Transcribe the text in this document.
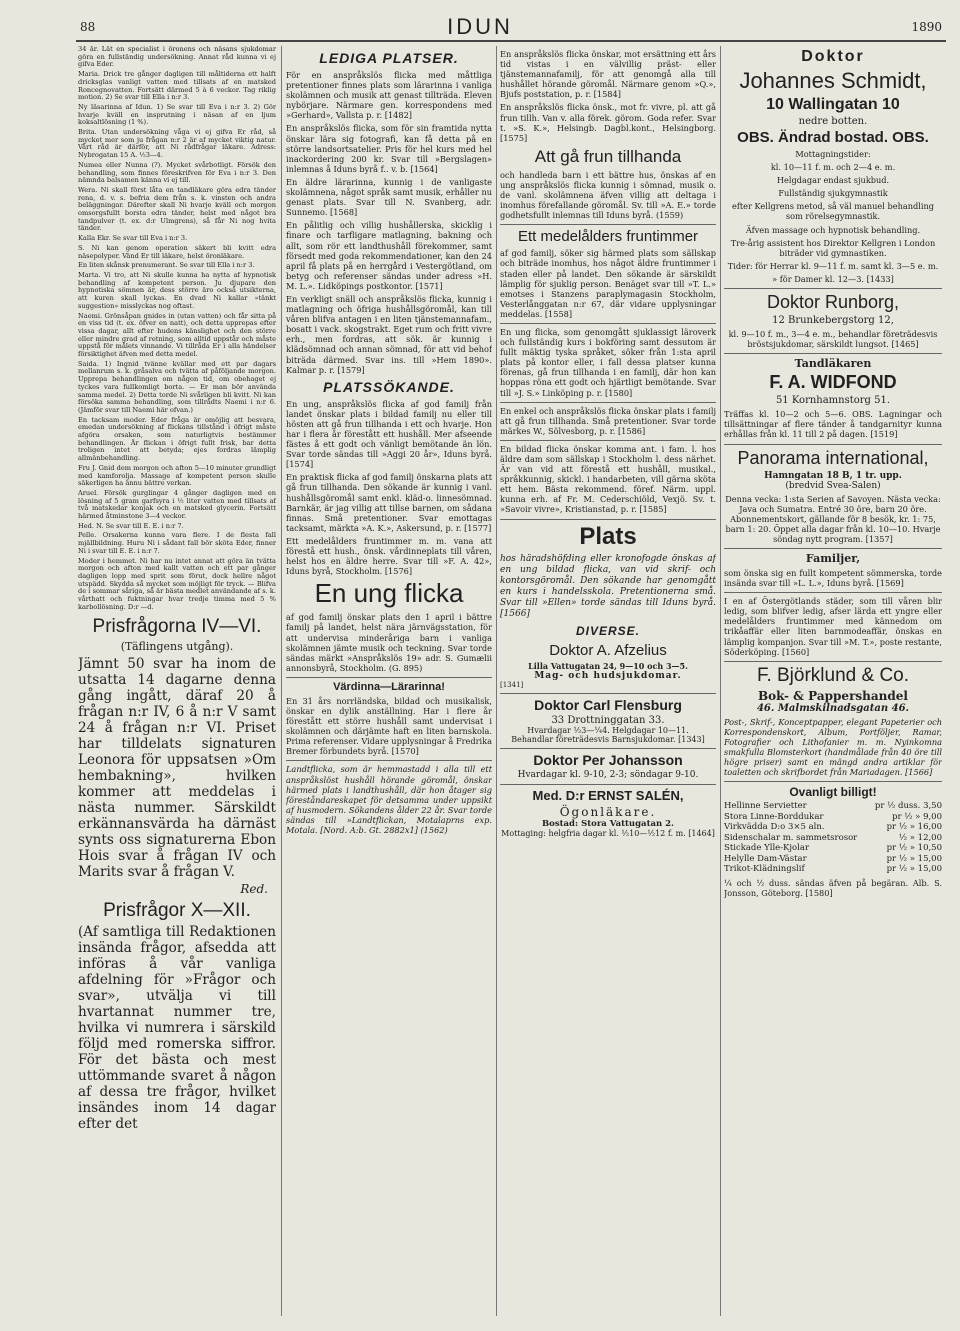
88	IDUN	1890

34 år. Låt en specialist i öronens och näsans sjukdomar göra en fullständig undersökning. Annat råd kunna vi ej gifva Eder.

Maria. Drick tre gånger dagligen till måltiderna ett halft dricksglas vanligt vatten med tillsats af en matsked Roncegnovatten. Fortsätt därmed 5 à 6 veckor. Tag riklig motion. 2) Se svar till Ella i n:r 3.

Ny läsarinna af Idun. 1) Se svar till Eva i n:r 3. 2) Gör hvarje kväll en insprutning i näsan af en ljum koksaltlösning (1 %).

Brita. Utan undersökning våga vi ej gifva Er råd, så mycket mer som ju frågan n:r 2 är af mycket viktig natur. Vårt råd är därför, att Ni rådfrågar läkare. Adress: Nybrogatan 15 A. ½3—4.

Numea eller Nunna (?). Mycket svårbotligt. Försök den behandling, som finnes föreskrifven för Eva i n:r 3. Den nämnda balsamen känna vi ej till.

Wera. Ni skall först låta en tandläkare göra edra tänder rena, d. v. s. befria dem från s. k. vinsten och andra beläggningar. Därefter skall Ni hvarje kväll och morgon omsorgsfullt borsta edra tänder, helst med något bra tandpulver (t. ex. d:r Ulmgrens), så får Ni nog hvita tänder.

Kalla Ekr. Se svar till Eva i n:r 3.

S. Ni kan genom operation säkert bli kvitt edra näsepolyper. Vänd Er till läkare, helst öronläkare.

En liten skånsk prenumerant. Se svar till Ella i n:r 3.

Marta. Vi tro, att Ni skulle kunna ha nytta af hypnotisk behandling af kompetent person. Ju djupare den hypnotiska sömnen är, dess större äro också utsikterna, att kuren skall lyckas. En dvad Ni kallar »tänkt suggestion» misslyckas nog oftast.

Naemi. Grönsåpan gnides in (utan vatten) och får sitta på en viss tid (t. ex. öfver en natt), och detta upprepas efter vissa dagar, allt efter hudens känslighet och den större eller mindre grad af retning, som alltid uppstår och måste uppstå för målets vinnande. Vi tillråda Er i alla händelser försiktighet äfven med detta medel.

Saida. 1) Ingnid tvänne kvällar med ett par dagars mellanrum s. k. gråsalva och tvätta af påföljande morgon. Upprepa behandlingen om någon tid, om obehaget ej tyckes vara fullkomligt borta. — Er man bör använda samma medel. 2) Detta torde Ni svårligen bli kvitt. Ni kan försöka samma behandling, som tillrådts Naemi i n:r 6. (Jämför svar till Naemi här ofvan.)

En tacksam moder. Eder fråga är omöjlig att besvara, emedan undersökning af flickans tillstånd i öfrigt måste afgöra orsaken, som naturligtvis bestämmer behandlingen. Är flickan i öfrigt fullt frisk, bar detta troligen intet att betyda; ejes fordras lämplig allmänbehandling.

Fru J. Gnid dem morgon och afton 5—10 minuter grundligt med kamforolja. Massage af kompetent person skulle säkerligen ha ännu bättre verkan.

Aruel. Försök gurglingar 4 gånger dagligen med en lösning af 5 gram garfsyra i ½ liter vatten med tillsats af två matskedar konjak och en matsked glycerin. Fortsätt härmed åtminstone 3—4 veckor.

Hed. N. Se svar till E. E. i n:r 7.

Pelle. Orsakerna kunna vara flere. I de flesta fall mjällbildning. Huru Ni i sådant fall bör sköta Eder, finner Ni i svar till E. E. i n:r 7.

Moder i hemmet. Ni har nu intet annat att göra än tvätta morgon och afton med kallt vatten och ett par gånger dagligen lopp med sprit som förut, dock hellre något utspädd. Skydda så mycket som möjligt för tryck. — Blifva de i sommar sårigа, så är bästa medlet användande af s. k. vårthatt och fuktningar hvar tredje timma med 5 % karbollösning. D:r —d.

Prisfrågorna IV—VI.
(Täflingens utgång).

Jämnt 50 svar ha inom de utsatta 14 dagarne denna gång ingått, däraf 20 å frågan n:r IV, 6 å n:r V samt 24 å frågan n:r VI. Priset har tilldelats signaturen Leonora för uppsatsen »Om hembakning», hvilken kommer att meddelas i nästa nummer. Särskildt erkännansvärda ha därnäst synts oss signaturerna Ebon Hois svar å frågan IV och Marits svar å frågan V.

Red.
Prisfrågor X—XII.

(Af samtliga till Redaktionen insända frågor, afsedda att införas å vår vanliga afdelning för »Frågor och svar», utvälja vi till hvartannat nummer tre, hvilka vi numrera i särskild följd med romerska siffror. För det bästa och mest uttömmande svaret å någon af dessa tre frågor, hvilket insändes inom 14 dagar efter det

LEDIGA PLATSER.

För en anspråkslös flicka med måttliga pretentioner finnes plats som lärarinna i vanliga skolämnen och musik att genast tillträda. Eleven nybörjare. Närmare gen. korrespondens med »Gerhard», Vallsta p. r. [1482]

En anspråkslös flicka, som för sin framtida nytta önskar lära sig fotografi, kan få detta på en större landsortsatelier. Pris för hel kurs med hel inackordering 200 kr. Svar till »Bergslagen» inlemnas å Iduns byrå f.. v. b. [1564]

En äldre lärarinna, kunnig i de vanligaste skolämnena, något språk samt musik, erhåller nu genast plats. Svar till N. Svanberg, adr. Sunnemo. [1568]

En pålitlig och villig hushållerska, skicklig i finare och tarfligare matlagning, bakning och allt, som rör ett landthushåll förekommer, samt försedt med goda rekommendationer, kan den 24 april få plats på en herrgård i Vestergötland, om betyg och referenser sändas under adress »H. M. L.». Lidköpings postkontor. [1571]

En verkligt snäll och anspråkslös flicka, kunnig i matlagning och öfriga hushållsgöromål, kan till våren blifva antagen i en liten tjänstemannafam., bosatt i vack. skogstrakt. Eget rum och fritt vivre erh., men fordras, att sök. är kunnig i klädsömnad och annan sömnad, för att vid behof biträda därmed. Svar ins. till »Hem 1890». Kalmar p. r. [1579]

PLATSSÖKANDE.

En ung, anspråkslös flicka af god familj från landet önskar plats i bildad familj nu eller till hösten att gå frun tillhanda i ett och hvarje. Hon har i flera år förestått ett hushåll. Mer afseende fästes å ett godt och vänligt bemötande än lön. Svar torde sändas till »Aggi 20 år», Iduns byrå. [1574]

En praktisk flicka af god familj önskarna plats att gå frun tillhanda. Den sökande är kunnig i vanl. hushållsgöromål samt enkl. kläd-o. linnesömnad. Barnkär, är jag villig att tillse barnen, om sådana finnas. Små pretentioner. Svar emottagas tacksamt, märkta »A. K.», Askersund, p. r. [1577]

Ett medelålders fruntimmer m. m. vana att förestå ett hush., önsk. vårdinneplats till våren, helst hos en äldre herre. Svar till »F. A. 42», Iduns byrå, Stockholm. [1576]

En ung flicka

af god familj önskar plats den 1 april i bättre familj på landet, helst nära järnvägsstation, för att undervisa minderåriga barn i vanliga skolämnen jämte musik och teckning. Svar torde sändas märkt »Anspråkslös 19» adr. S. Gumælii annonsbyrå, Stockholm. (G. 895)

Värdinna—Lärarinna!

En 31 års norrländska, bildad och musikalisk, önskar en dylik anställning. Har i flere år förestått ett större hushåll samt undervisat i skolämnen och därjämte haft en liten barnskola. Prima referenser. Vidare upplysningar å Fredrika Bremer förbundets byrå. [1570]

Landtflicka, som är hemmastadd i alla till ett anspråkslöst hushåll hörande göromål, önskar härmed plats i landthushåll, där hon åtager sig föreståndareskapet för detsamma under uppsikt af husmodern. Sökandens ålder 22 år. Svar torde sändas till »Landtflickan, Motalaprns exp. Motala. [Nord. A:b. Gt. 2882x1] (1562)

En anspråkslös flicka önskar, mot ersättning ett års tid vistas i en välvillig präst- eller tjänstemannafamilj, för att genomgå alla till hushållet hörande göromål. Närmare genom »Q.», Bjufs poststation, p. r. [1584]

En anspråkslös flicka önsk., mot fr. vivre, pl. att gå frun tillh. Van v. alla förek. görom. Goda refer. Svar t. »S. K.», Helsingb. Dagbl.kont., Helsingborg. [1575]

Att gå frun tillhanda

och handleda barn i ett bättre hus, önskas af en ung anspråkslös flicka kunnig i sömnad, musik o. de vanl. skolämnena äfven villig att deltaga i inomhus förefallande göromål. Sv. till »A. E.» torde godhetsfullt inlemnas till Iduns byrå. (1559)

Ett medelålders fruntimmer

af god familj, söker sig härmed plats som sällskap och biträde inomhus, hos något äldre fruntimmer i staden eller på landet. Den sökande är särskildt lämplig för sjuklig person. Benäget svar till »T. L.» emotses i Stanzens paraplymagasin Stockholm, Vesterlånggatan n:r 67, där vidare upplysningar meddelas. [1558]

En ung flicka, som genomgått sjuklassigt läroverk och fullständig kurs i bokföring samt dessutom är fullt mäktig tyska språket, söker från 1:sta april plats på kontor eller, i fall dessa platser kunna förenas, gå frun tillhanda i en familj, där hon kan hoppas röna ett godt och hjärtligt bemötande. Svar till »J. S.» Linköping p. r. [1580]

En enkel och anspråkslös flicka önskar plats i familj att gå frun tillhanda. Små pretentioner. Svar torde märkes W., Sölvesborg, p. r. [1586]

En bildad flicka önskar komma ant. i fam. l. hos äldre dam som sällskap i Stockholm l. dess närhet. Är van vid att förestå ett hushåll, musikal., språkkunnig, skickl. i handarbeten, vill gärna sköta ett hem. Bästa rekommend. föref. Närm. uppl. kunna erh. af Fr. M. Cederschiöld, Vexjö. Sv. t. »Savoir vivre», Kristianstad, p. r. [1585]

Plats

hos häradshöfding eller kronofogde önskas af en ung bildad flicka, van vid skrif- och kontorsgöromål. Den sökande har genomgått en kurs i handelsskola. Pretentionerna små. Svar till »Ellen» torde sändas till Iduns byrå. [1566]

DIVERSE.
Doktor A. Afzelius
Lilla Vattugatan 24, 9—10 och 3—5.
Mag- och hudsjukdomar.
[1341]
Doktor Carl Flensburg
33 Drottninggatan 33.
Hvardagar ½3—¼4. Helgdagar 10—11.
Behandlar företrädesvis Barnsjukdomar. [1343]
Doktor Per Johansson
Hvardagar kl. 9-10, 2-3; söndagar 9-10.
Med. D:r ERNST SALÉN,
Ögonläkare.
Bostad: Stora Vattugatan 2.
Mottaging: helgfria dagar kl. ½10—½12 f. m. [1464]
Doktor
Johannes Schmidt,
10 Wallingatan 10
nedre botten.
OBS. Ändrad bostad. OBS.

Mottagningstider:

kl. 10—11 f. m. och 2—4 e. m.

Helgdagar endast sjukbud.

Fullständig sjukgymnastik

efter Kellgrens metod, så väl manuel behandling som rörelsegymnastik.

Äfven massage och hypnotisk behandling.

Tre-årig assistent hos Direktor Kellgren i London biträder vid gymnastiken.

Tider: för Herrar kl. 9—11 f. m. samt kl. 3—5 e. m.

» för Damer kl. 12—3. [1433]

Doktor Runborg,
12 Brunkebergstorg 12,

kl. 9—10 f. m., 3—4 e. m., behandlar företrädesvis bröstsjukdomar, särskildt lungsot. [1465]

Tandläkaren
F. A. WIDFOND
51 Kornhamnstorg 51.

Träffas kl. 10—2 och 5—6. OBS. Lagningar och tillsättningar af flere tänder å tandgarnityr kunna erhållas från kl. 11 till 2 på dagen. [1519]

Panorama international,
Hamngatan 18 B, 1 tr. upp.
(bredvid Svea-Salen)

Denna vecka: 1:sta Serien af Savoyen. Nästa vecka: Java och Sumatra. Entré 30 öre, barn 20 öre. Abonnementskort, gällande för 8 besök, kr. 1: 75, barn 1: 20. Öppet alla dagar från kl. 10—10. Hvarje söndag nytt program. [1357]

Familjer,

som önska sig en fullt kompetent sömmerska, torde insända svar till »L. L.», Iduns byrå. [1569]

I en af Östergötlands städer, som till våren blir ledig, som blifver ledig, afser lärda ett yngre eller medelålders fruntimmer med kännedom om trikåaffär eller liten barnmodeaffär, önskas en lämplig kompanjon. Svar till »M. T.», poste restante, Söderköping. [1560]

F. Björklund & Co.
Bok- & Pappershandel
46. Malmskilnadsgatan 46.

Post-, Skrif-, Konceptpapper, elegant Papeterier och Korrespondenskort, Album, Portföljer, Ramar, Fotografier och Lithofanier m. m. Nyinkomna smakfulla Blomsterkort (handmålade från 40 öre till högre priser) samt en mängd andra artiklar för toaletten och skrifbordet från Mariadagen. [1566]

Ovanligt billigt!
Hellinne Servietter	pr ½ duss. 3,50
Stora Linne-Borddukar	pr ½ » 9,00
Virkvädda D:o 3×5 aln.	pr ½ » 16,00
Sidenschalar m. sammetsrosor	½ » 12,00
Stickade Ylle-Kjolar	pr ½ » 10,50
Helylle Dam-Västar	pr ½ » 15,00
Trikot-Klädningslif	pr ½ » 15,00

¼ och ½ duss. sändas äfven på begäran. Alb. S. Jonsson, Göteborg. [1580]
